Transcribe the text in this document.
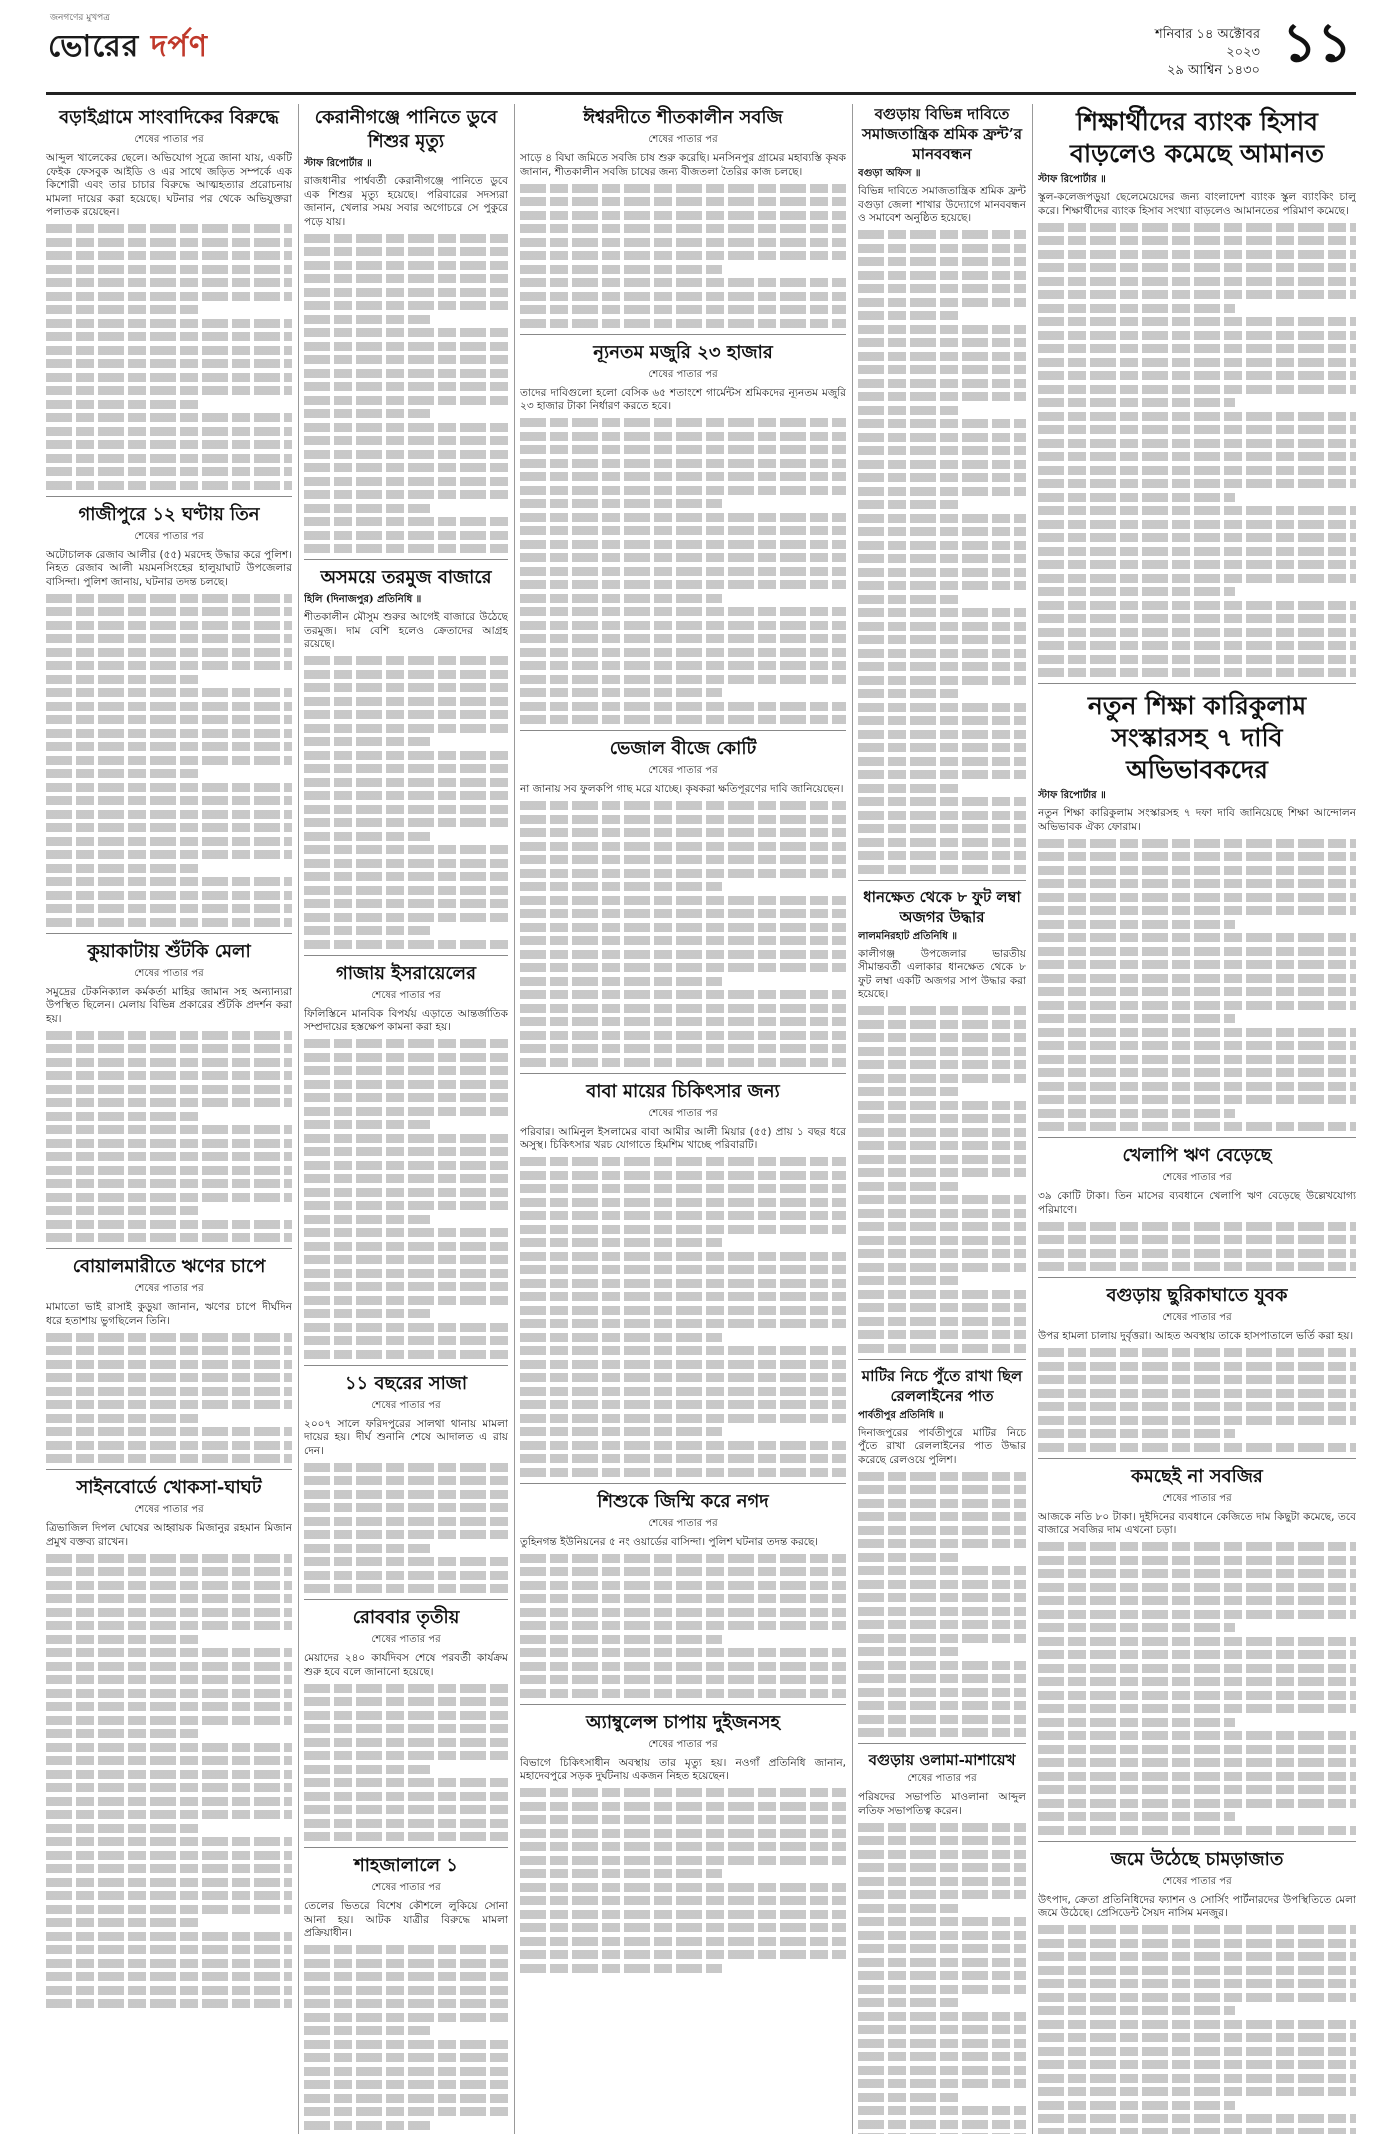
জনগণের মুখপত্র
ভোরের দর্পণ	শনিবার ১৪ অক্টোবর ২০২৩
২৯ আশ্বিন ১৪৩০ ১১
বড়াইগ্রামে সাংবাদিকের বিরুদ্ধে
শেষের পাতার পর
আব্দুল খালেকের ছেলে। অভিযোগ সূত্রে জানা যায়, একটি ফেইক ফেসবুক আইডি ও এর সাথে জড়িত সম্পর্কে এক কিশোরী এবং তার চাচার বিরুদ্ধে আত্মহত্যার প্ররোচনায় মামলা দায়ের করা হয়েছে। ঘটনার পর থেকে অভিযুক্তরা পলাতক রয়েছেন।
গাজীপুরে ১২ ঘণ্টায় তিন
শেষের পাতার পর
অটোচালক রেজাব আলীর (৫৫) মরদেহ উদ্ধার করে পুলিশ। নিহত রেজাব আলী ময়মনসিংহের হালুয়াঘাট উপজেলার বাসিন্দা। পুলিশ জানায়, ঘটনার তদন্ত চলছে।
কুয়াকাটায় শুঁটকি মেলা
শেষের পাতার পর
সমুদ্রের টেকনিক্যাল কর্মকর্তা মাহির জামান সহ অন্যান্যরা উপস্থিত ছিলেন। মেলায় বিভিন্ন প্রকারের শুঁটকি প্রদর্শন করা হয়।
বোয়ালমারীতে ঋণের চাপে
শেষের পাতার পর
মামাতো ভাই রাসাই কুড়ুয়া জানান, ঋণের চাপে দীর্ঘদিন ধরে হতাশায় ভুগছিলেন তিনি।
সাইনবোর্ডে খোকসা-ঘাঘট
শেষের পাতার পর
ত্রিভাজিল দিপল ঘোষের আহ্বায়ক মিজানুর রহমান মিজান প্রমুখ বক্তব্য রাখেন।
কেরানীগঞ্জে পানিতে ডুবে শিশুর মৃত্যু
স্টাফ রিপোর্টার ॥
রাজধানীর পার্শ্ববর্তী কেরানীগঞ্জে পানিতে ডুবে এক শিশুর মৃত্যু হয়েছে। পরিবারের সদস্যরা জানান, খেলার সময় সবার অগোচরে সে পুকুরে পড়ে যায়।
অসময়ে তরমুজ বাজারে
হিলি (দিনাজপুর) প্রতিনিধি ॥
শীতকালীন মৌসুম শুরুর আগেই বাজারে উঠেছে তরমুজ। দাম বেশি হলেও ক্রেতাদের আগ্রহ রয়েছে।
গাজায় ইসরায়েলের
শেষের পাতার পর
ফিলিস্তিনে মানবিক বিপর্যয় এড়াতে আন্তর্জাতিক সম্প্রদায়ের হস্তক্ষেপ কামনা করা হয়।
১১ বছরের সাজা
শেষের পাতার পর
২০০৭ সালে ফরিদপুরের সালথা থানায় মামলা দায়ের হয়। দীর্ঘ শুনানি শেষে আদালত এ রায় দেন।
রোববার তৃতীয়
শেষের পাতার পর
মেয়াদের ২৪০ কার্যদিবস শেষে পরবর্তী কার্যক্রম শুরু হবে বলে জানানো হয়েছে।
শাহজালালে ১
শেষের পাতার পর
তেলের ভিতরে বিশেষ কৌশলে লুকিয়ে সোনা আনা হয়। আটক যাত্রীর বিরুদ্ধে মামলা প্রক্রিয়াধীন।
ঈশ্বরদীতে শীতকালীন সবজি
শেষের পাতার পর
সাড়ে ৪ বিঘা জমিতে সবজি চাষ শুরু করেছি। মনসিনপুর গ্রামের মহাব্যস্তি কৃষক জানান, শীতকালীন সবজি চাষের জন্য বীজতলা তৈরির কাজ চলছে।
ন্যূনতম মজুরি ২৩ হাজার
শেষের পাতার পর
তাদের দাবিগুলো হলো বেসিক ৬৫ শতাংশে গার্মেন্টস শ্রমিকদের ন্যূনতম মজুরি ২৩ হাজার টাকা নির্ধারণ করতে হবে।
ভেজাল বীজে কোটি
শেষের পাতার পর
না জানায় সব ফুলকপি গাছ মরে যাচ্ছে। কৃষকরা ক্ষতিপূরণের দাবি জানিয়েছেন।
বাবা মায়ের চিকিৎসার জন্য
শেষের পাতার পর
পরিবার। আমিনুল ইসলামের বাবা আমীর আলী মিয়ার (৫৫) প্রায় ১ বছর ধরে অসুস্থ। চিকিৎসার খরচ যোগাতে হিমশিম খাচ্ছে পরিবারটি।
শিশুকে জিম্মি করে নগদ
শেষের পাতার পর
তুহিনগন্ত ইউনিয়নের ৫ নং ওয়ার্ডের বাসিন্দা। পুলিশ ঘটনার তদন্ত করছে।
অ্যাম্বুলেন্স চাপায় দুইজনসহ
শেষের পাতার পর
বিভাগে চিকিৎসাধীন অবস্থায় তার মৃত্যু হয়। নওগাঁ প্রতিনিধি জানান, মহাদেবপুরে সড়ক দুর্ঘটনায় একজন নিহত হয়েছেন।
বগুড়ায় বিভিন্ন দাবিতে সমাজতান্ত্রিক শ্রমিক ফ্রন্ট’র মানববন্ধন
বগুড়া অফিস ॥
বিভিন্ন দাবিতে সমাজতান্ত্রিক শ্রমিক ফ্রন্ট বগুড়া জেলা শাখার উদ্যোগে মানববন্ধন ও সমাবেশ অনুষ্ঠিত হয়েছে।
ধানক্ষেত থেকে ৮ ফুট লম্বা অজগর উদ্ধার
লালমনিরহাট প্রতিনিধি ॥
কালীগঞ্জ উপজেলার ভারতীয় সীমান্তবর্তী এলাকার ধানক্ষেত থেকে ৮ ফুট লম্বা একটি অজগর সাপ উদ্ধার করা হয়েছে।
মাটির নিচে পুঁতে রাখা ছিল রেললাইনের পাত
পার্বতীপুর প্রতিনিধি ॥
দিনাজপুরের পার্বতীপুরে মাটির নিচে পুঁতে রাখা রেললাইনের পাত উদ্ধার করেছে রেলওয়ে পুলিশ।
বগুড়ায় ওলামা-মাশায়েখ
শেষের পাতার পর
পরিষদের সভাপতি মাওলানা আব্দুল লতিফ সভাপতিত্ব করেন।
শিক্ষার্থীদের ব্যাংক হিসাব বাড়লেও কমেছে আমানত
স্টাফ রিপোর্টার ॥
স্কুল-কলেজপড়ুয়া ছেলেমেয়েদের জন্য বাংলাদেশ ব্যাংক স্কুল ব্যাংকিং চালু করে। শিক্ষার্থীদের ব্যাংক হিসাব সংখ্যা বাড়লেও আমানতের পরিমাণ কমেছে।
নতুন শিক্ষা কারিকুলাম সংস্কারসহ ৭ দাবি অভিভাবকদের
স্টাফ রিপোর্টার ॥
নতুন শিক্ষা কারিকুলাম সংস্কারসহ ৭ দফা দাবি জানিয়েছে শিক্ষা আন্দোলন অভিভাবক ঐক্য ফোরাম।
খেলাপি ঋণ বেড়েছে
শেষের পাতার পর
৩৯ কোটি টাকা। তিন মাসের ব্যবধানে খেলাপি ঋণ বেড়েছে উল্লেখযোগ্য পরিমাণে।
বগুড়ায় ছুরিকাঘাতে যুবক
শেষের পাতার পর
উপর হামলা চালায় দুর্বৃত্তরা। আহত অবস্থায় তাকে হাসপাতালে ভর্তি করা হয়।
কমছেই না সবজির
শেষের পাতার পর
আজকে নতি ৮০ টাকা। দুইদিনের ব্যবধানে কেজিতে দাম কিছুটা কমেছে, তবে বাজারে সবজির দাম এখনো চড়া।
জমে উঠেছে চামড়াজাত
শেষের পাতার পর
উৎপাদ, ক্রেতা প্রতিনিধিদের ফ্যাশন ও সোর্সিং পার্টনারদের উপস্থিতিতে মেলা জমে উঠেছে। প্রেসিডেন্ট সৈয়দ নাসিম মনজুর।
